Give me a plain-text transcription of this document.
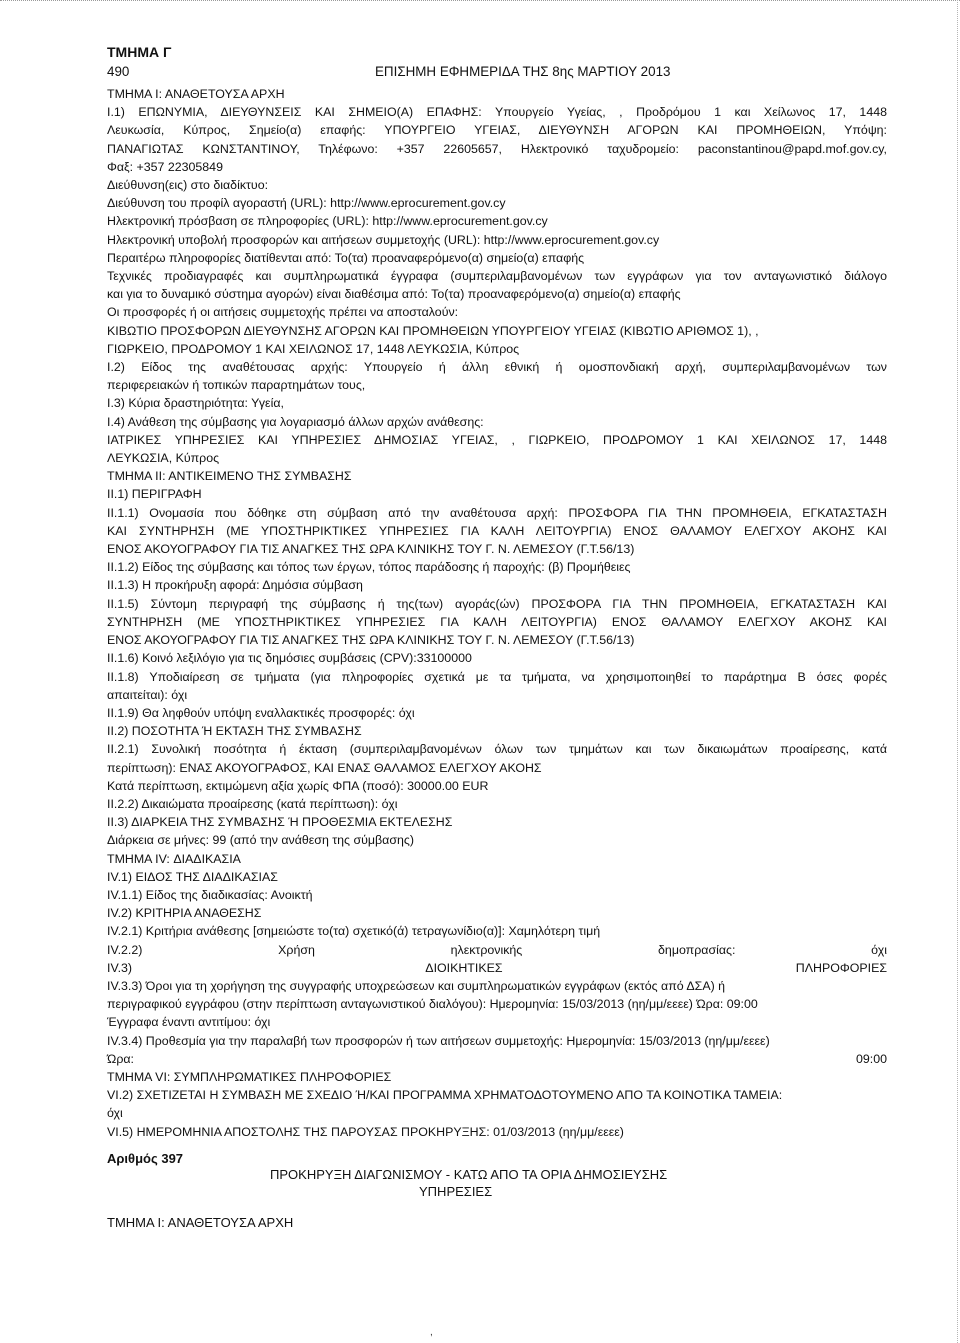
ΤΜΗΜΑ Γ
490	ΕΠΙΣΗΜΗ ΕΦΗΜΕΡΙΔΑ ΤΗΣ 8ης ΜΑΡΤΙΟΥ 2013
ΤΜΗΜΑ Ι: ΑΝΑΘΕΤΟΥΣΑ ΑΡΧΗ
Ι.1) ΕΠΩΝΥΜΙΑ, ΔΙΕΥΘΥΝΣΕΙΣ ΚΑΙ ΣΗΜΕΙΟ(Α) ΕΠΑΦΗΣ: Υπουργείο Υγείας, , Προδρόμου 1 και Χείλωνος 17, 1448
Λευκωσία, Κύπρος, Σημείο(α) επαφής: ΥΠΟΥΡΓΕΙΟ ΥΓΕΙΑΣ, ΔΙΕΥΘΥΝΣΗ ΑΓΟΡΩΝ ΚΑΙ ΠΡΟΜΗΘΕΙΩΝ, Υπόψη:
ΠΑΝΑΓΙΩΤΑΣ ΚΩΝΣΤΑΝΤΙΝΟΥ, Τηλέφωνο: +357 22605657, Ηλεκτρονικό ταχυδρομείο: paconstantinou@papd.mof.gov.cy,
Φαξ: +357 22305849
Διεύθυνση(εις) στο διαδίκτυο:
Διεύθυνση του προφίλ αγοραστή (URL): http://www.eprocurement.gov.cy
Ηλεκτρονική πρόσβαση σε πληροφορίες (URL): http://www.eprocurement.gov.cy
Ηλεκτρονική υποβολή προσφορών και αιτήσεων συμμετοχής (URL): http://www.eprocurement.gov.cy
Περαιτέρω πληροφορίες διατίθενται από: Το(τα) προαναφερόμενο(α) σημείο(α) επαφής
Τεχνικές προδιαγραφές και συμπληρωματικά έγγραφα (συμπεριλαμβανομένων των εγγράφων για τον ανταγωνιστικό διάλογο
και για το δυναμικό σύστημα αγορών) είναι διαθέσιμα από: Το(τα) προαναφερόμενο(α) σημείο(α) επαφής
Οι προσφορές ή οι αιτήσεις συμμετοχής πρέπει να αποσταλούν:
ΚΙΒΩΤΙΟ ΠΡΟΣΦΟΡΩΝ ΔΙΕΥΘΥΝΣΗΣ ΑΓΟΡΩΝ ΚΑΙ ΠΡΟΜΗΘΕΙΩΝ ΥΠΟΥΡΓΕΙΟΥ ΥΓΕΙΑΣ (ΚΙΒΩΤΙΟ ΑΡΙΘΜΟΣ 1), ,
ΓΙΩΡΚΕΙΟ, ΠΡΟΔΡΟΜΟΥ 1 ΚΑΙ ΧΕΙΛΩΝΟΣ 17, 1448 ΛΕΥΚΩΣΙΑ, Κύπρος
Ι.2) Είδος της αναθέτουσας αρχής: Υπουργείο ή άλλη εθνική ή ομοσπονδιακή αρχή, συμπεριλαμβανομένων των
περιφερειακών ή τοπικών παραρτημάτων τους,
Ι.3) Κύρια δραστηριότητα: Υγεία,
Ι.4) Ανάθεση της σύμβασης για λογαριασμό άλλων αρχών ανάθεσης:
ΙΑΤΡΙΚΕΣ ΥΠΗΡΕΣΙΕΣ ΚΑΙ ΥΠΗΡΕΣΙΕΣ ΔΗΜΟΣΙΑΣ ΥΓΕΙΑΣ, , ΓΙΩΡΚΕΙΟ, ΠΡΟΔΡΟΜΟΥ 1 ΚΑΙ ΧΕΙΛΩΝΟΣ 17, 1448
ΛΕΥΚΩΣΙΑ, Κύπρος
ΤΜΗΜΑ ΙΙ: ΑΝΤΙΚΕΙΜΕΝΟ ΤΗΣ ΣΥΜΒΑΣΗΣ
ΙΙ.1) ΠΕΡΙΓΡΑΦΗ
ΙΙ.1.1) Ονομασία που δόθηκε στη σύμβαση από την αναθέτουσα αρχή: ΠΡΟΣΦΟΡΑ ΓΙΑ ΤΗΝ ΠΡΟΜΗΘΕΙΑ, ΕΓΚΑΤΑΣΤΑΣΗ
ΚΑΙ ΣΥΝΤΗΡΗΣΗ (ΜΕ ΥΠΟΣΤΗΡΙΚΤΙΚΕΣ ΥΠΗΡΕΣΙΕΣ ΓΙΑ ΚΑΛΗ ΛΕΙΤΟΥΡΓΙΑ) ΕΝΟΣ ΘΑΛΑΜΟΥ ΕΛΕΓΧΟΥ ΑΚΟΗΣ ΚΑΙ
ΕΝΟΣ ΑΚΟΥΟΓΡΑΦΟΥ ΓΙΑ ΤΙΣ ΑΝΑΓΚΕΣ ΤΗΣ ΩΡΑ ΚΛΙΝΙΚΗΣ ΤΟΥ Γ. Ν. ΛΕΜΕΣΟΥ (Γ.Τ.56/13)
ΙΙ.1.2) Είδος της σύμβασης και τόπος των έργων, τόπος παράδοσης ή παροχής: (β) Προμήθειες
ΙΙ.1.3) Η προκήρυξη αφορά: Δημόσια σύμβαση
ΙΙ.1.5) Σύντομη περιγραφή της σύμβασης ή της(των) αγοράς(ών) ΠΡΟΣΦΟΡΑ ΓΙΑ ΤΗΝ ΠΡΟΜΗΘΕΙΑ, ΕΓΚΑΤΑΣΤΑΣΗ ΚΑΙ
ΣΥΝΤΗΡΗΣΗ (ΜΕ ΥΠΟΣΤΗΡΙΚΤΙΚΕΣ ΥΠΗΡΕΣΙΕΣ ΓΙΑ ΚΑΛΗ ΛΕΙΤΟΥΡΓΙΑ) ΕΝΟΣ ΘΑΛΑΜΟΥ ΕΛΕΓΧΟΥ ΑΚΟΗΣ ΚΑΙ
ΕΝΟΣ ΑΚΟΥΟΓΡΑΦΟΥ ΓΙΑ ΤΙΣ ΑΝΑΓΚΕΣ ΤΗΣ ΩΡΑ ΚΛΙΝΙΚΗΣ ΤΟΥ Γ. Ν. ΛΕΜΕΣΟΥ (Γ.Τ.56/13)
ΙΙ.1.6) Κοινό λεξιλόγιο για τις δημόσιες συμβάσεις (CPV):33100000
ΙΙ.1.8) Υποδιαίρεση σε τμήματα (για πληροφορίες σχετικά με τα τμήματα, να χρησιμοποιηθεί το παράρτημα Β όσες φορές
απαιτείται): όχι
ΙΙ.1.9) Θα ληφθούν υπόψη εναλλακτικές προσφορές: όχι
ΙΙ.2) ΠΟΣΟΤΗΤΑ Ή ΕΚΤΑΣΗ ΤΗΣ ΣΥΜΒΑΣΗΣ
ΙΙ.2.1) Συνολική ποσότητα ή έκταση (συμπεριλαμβανομένων όλων των τμημάτων και των δικαιωμάτων προαίρεσης, κατά
περίπτωση): ΕΝΑΣ ΑΚΟΥΟΓΡΑΦΟΣ, ΚΑΙ ΕΝΑΣ ΘΑΛΑΜΟΣ ΕΛΕΓΧΟΥ ΑΚΟΗΣ
Κατά περίπτωση, εκτιμώμενη αξία χωρίς ΦΠΑ (ποσό): 30000.00 EUR
ΙΙ.2.2) Δικαιώματα προαίρεσης (κατά περίπτωση): όχι
ΙΙ.3) ΔΙΑΡΚΕΙΑ ΤΗΣ ΣΥΜΒΑΣΗΣ Ή ΠΡΟΘΕΣΜΙΑ ΕΚΤΕΛΕΣΗΣ
Διάρκεια σε μήνες: 99 (από την ανάθεση της σύμβασης)
ΤΜΗΜΑ IV: ΔΙΑΔΙΚΑΣΙΑ
IV.1) ΕΙΔΟΣ ΤΗΣ ΔΙΑΔΙΚΑΣΙΑΣ
IV.1.1) Είδος της διαδικασίας: Ανοικτή
IV.2) ΚΡΙΤΗΡΙΑ ΑΝΑΘΕΣΗΣ
IV.2.1) Κριτήρια ανάθεσης [σημειώστε το(τα) σχετικό(ά) τετραγωνίδιο(α)]: Χαμηλότερη τιμή
IV.2.2) Χρήση ηλεκτρονικής δημοπρασίας: όχι
IV.3) ΔΙΟΙΚΗΤΙΚΕΣ ΠΛΗΡΟΦΟΡΙΕΣ
IV.3.3) Όροι για τη χορήγηση της συγγραφής υποχρεώσεων και συμπληρωματικών εγγράφων (εκτός από ΔΣΑ) ή
περιγραφικού εγγράφου (στην περίπτωση ανταγωνιστικού διαλόγου): Ημερομηνία: 15/03/2013 (ηη/μμ/εεεε) Ώρα: 09:00
Έγγραφα έναντι αντιτίμου: όχι
IV.3.4) Προθεσμία για την παραλαβή των προσφορών ή των αιτήσεων συμμετοχής: Ημερομηνία: 15/03/2013 (ηη/μμ/εεεε)
Ώρα: 09:00
ΤΜΗΜΑ VI: ΣΥΜΠΛΗΡΩΜΑΤΙΚΕΣ ΠΛΗΡΟΦΟΡΙΕΣ
VI.2) ΣΧΕΤΙΖΕΤΑΙ Η ΣΥΜΒΑΣΗ ΜΕ ΣΧΕΔΙΟ Ή/ΚΑΙ ΠΡΟΓΡΑΜΜΑ ΧΡΗΜΑΤΟΔΟΤΟΥΜΕΝΟ ΑΠΟ ΤΑ ΚΟΙΝΟΤΙΚΑ ΤΑΜΕΙΑ:
όχι
VI.5) ΗΜΕΡΟΜΗΝΙΑ ΑΠΟΣΤΟΛΗΣ ΤΗΣ ΠΑΡΟΥΣΑΣ ΠΡΟΚΗΡΥΞΗΣ: 01/03/2013 (ηη/μμ/εεεε)
Αριθμός 397
ΠΡΟΚΗΡΥΞΗ ΔΙΑΓΩΝΙΣΜΟΥ - ΚΑΤΩ ΑΠΟ ΤΑ ΟΡΙΑ ΔΗΜΟΣΙΕΥΣΗΣ
ΥΠΗΡΕΣΙΕΣ
ΤΜΗΜΑ Ι: ΑΝΑΘΕΤΟΥΣΑ ΑΡΧΗ
,
